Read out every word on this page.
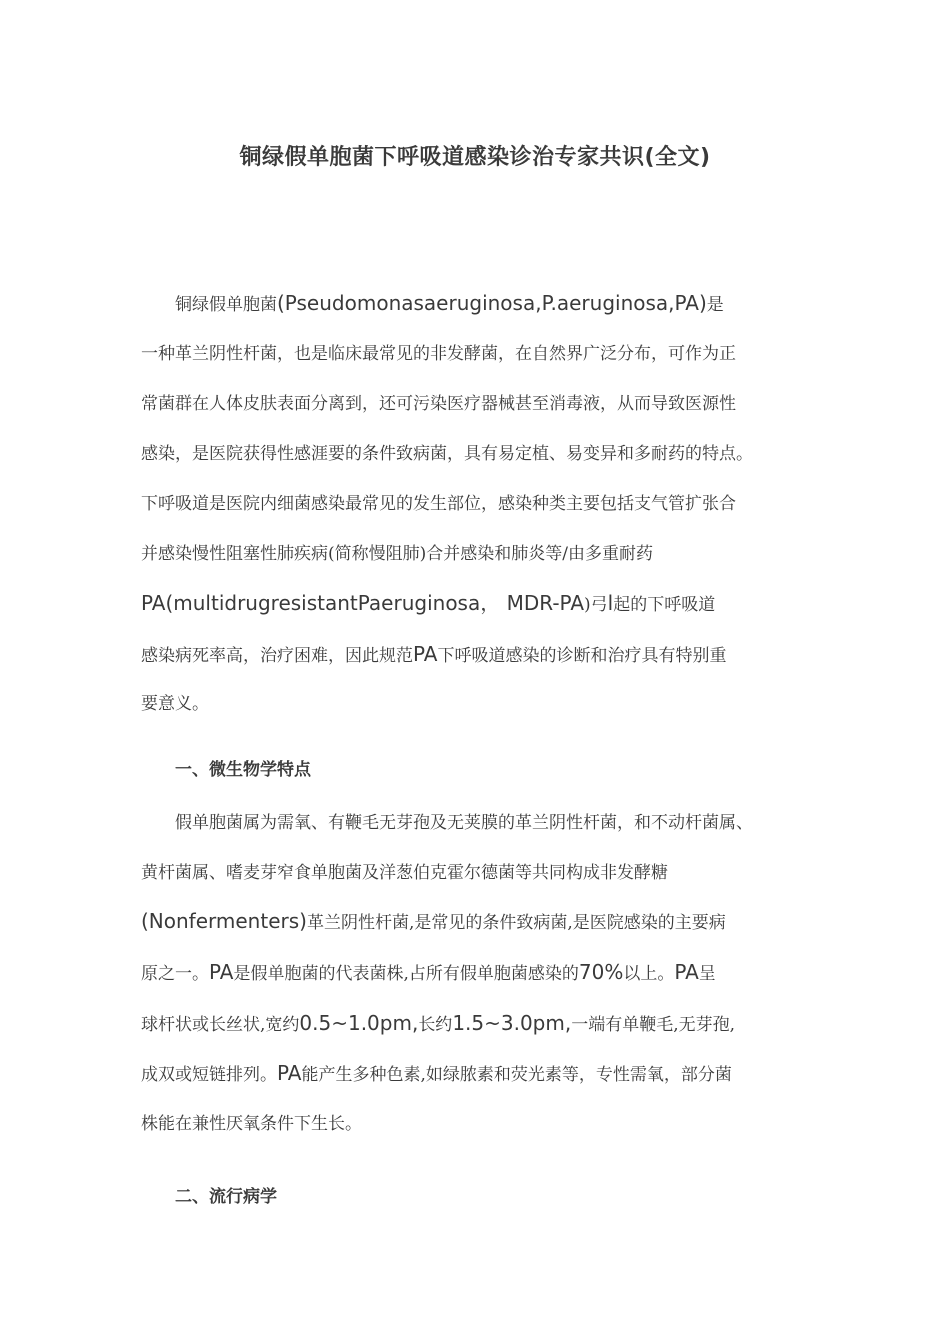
铜绿假单胞菌下呼吸道感染诊治专家共识(全文)
铜绿假单胞菌(Pseudomonasaeruginosa,P.aeruginosa,PA)是
一种革兰阴性杆菌，也是临床最常见的非发酵菌，在自然界广泛分布，可作为正
常菌群在人体皮肤表面分离到，还可污染医疗器械甚至消毒液，从而导致医源性
感染，是医院获得性感涯要的条件致病菌，具有易定植、易变异和多耐药的特点。
下呼吸道是医院内细菌感染最常见的发生部位，感染种类主要包括支气管扩张合
并感染慢性阻塞性肺疾病(简称慢阻肺)合并感染和肺炎等/由多重耐药
PA(multidrugresistantPaeruginosa， MDR-PA)弓l起的下呼吸道
感染病死率高，治疗困难，因此规范PA下呼吸道感染的诊断和治疗具有特别重
要意义。
一、微生物学特点
假单胞菌属为需氧、有鞭毛无芽孢及无荚膜的革兰阴性杆菌，和不动杆菌属、
黄杆菌属、嗜麦芽窄食单胞菌及洋葱伯克霍尔德菌等共同构成非发酵糖
(Nonfermenters)革兰阴性杆菌,是常见的条件致病菌,是医院感染的主要病
原之一。PA是假单胞菌的代表菌株,占所有假单胞菌感染的70%以上。PA呈
球杆状或长丝状,宽约0.5~1.0pm,长约1.5~3.0pm,一端有单鞭毛,无芽孢,
成双或短链排列。PA能产生多种色素,如绿脓素和荧光素等，专性需氧，部分菌
株能在兼性厌氧条件下生长。
二、流行病学
